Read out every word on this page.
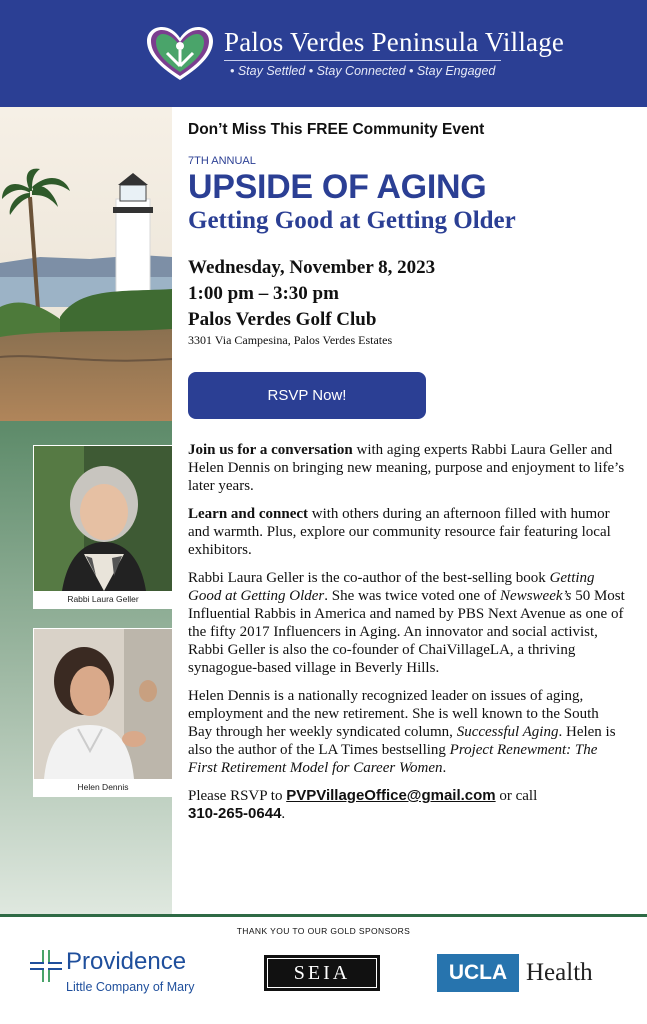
Palos Verdes Peninsula Village
• Stay Settled • Stay Connected • Stay Engaged
Rabbi Laura Geller
Helen Dennis
Don’t Miss This FREE Community Event
7TH ANNUAL
UPSIDE OF AGING
Getting Good at Getting Older
Wednesday, November 8, 2023
1:00 pm – 3:30 pm
Palos Verdes Golf Club
3301 Via Campesina, Palos Verdes Estates
RSVP Now!

Join us for a conversation with aging experts Rabbi Laura Geller and Helen Dennis on bringing new meaning, purpose and enjoyment to life’s later years.

Learn and connect with others during an afternoon filled with humor and warmth. Plus, explore our community resource fair featuring local exhibitors.

Rabbi Laura Geller is the co-author of the best-selling book Getting Good at Getting Older. She was twice voted one of Newsweek’s 50 Most Influential Rabbis in America and named by PBS Next Avenue as one of the fifty 2017 Influencers in Aging. An innovator and social activist, Rabbi Geller is also the co-founder of ChaiVillageLA, a thriving synagogue-based village in Beverly Hills.

Helen Dennis is a nationally recognized leader on issues of aging, employment and the new retirement. She is well known to the South Bay through her weekly syndicated column, Successful Aging. Helen is also the author of the LA Times bestselling Project Renewment: The First Retirement Model for Career Women.

Please RSVP to PVPVillageOffice@gmail.com or call
310-265-0644.

THANK YOU TO OUR GOLD SPONSORS
Providence
Little Company of Mary
SEIA	UCLA Health
